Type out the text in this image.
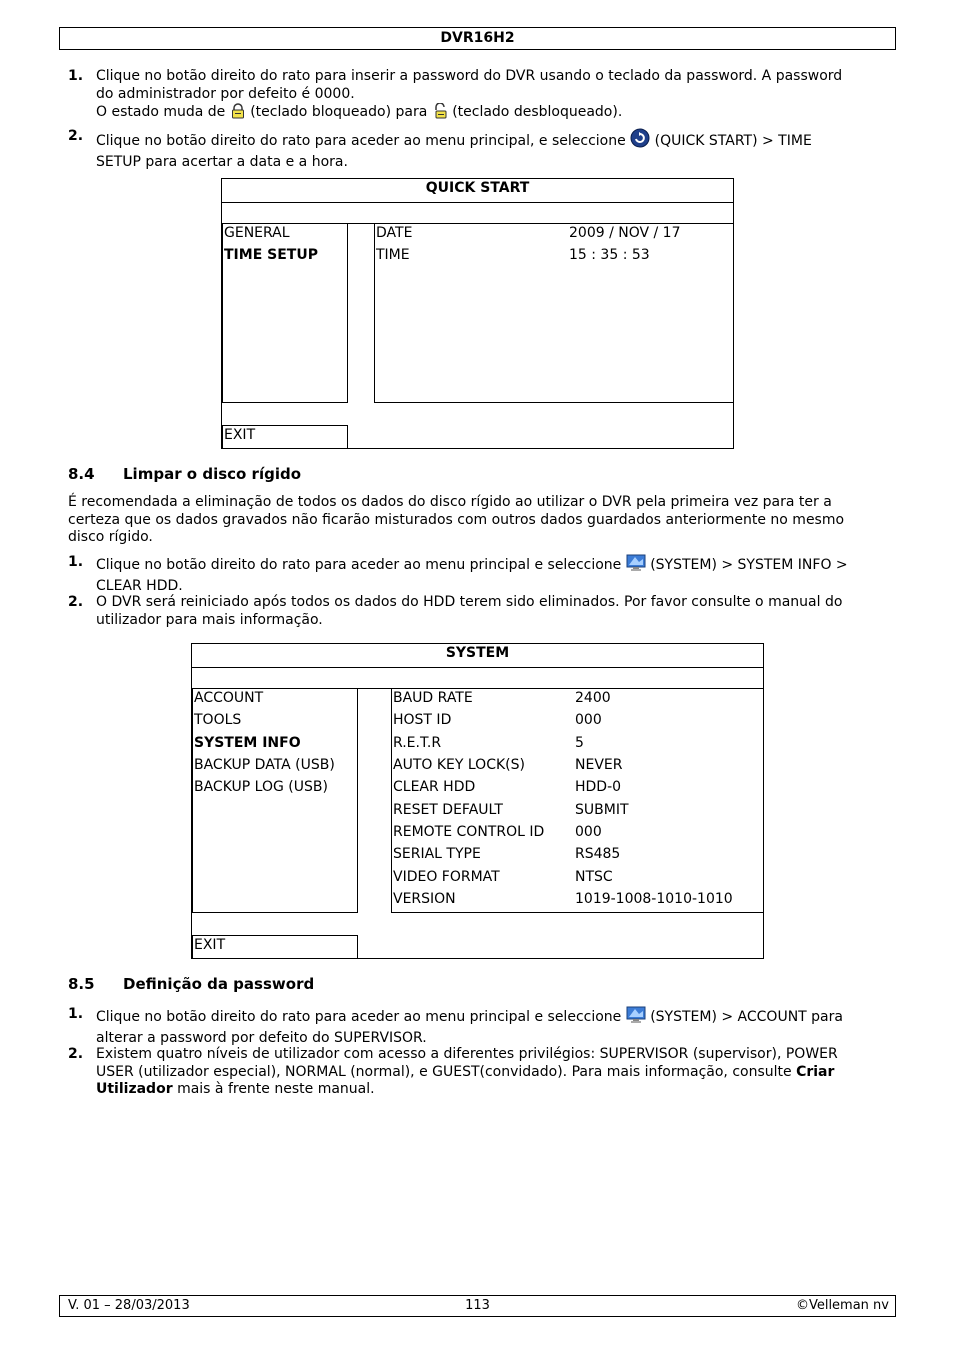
DVR16H2
1. Clique no botão direito do rato para inserir a password do DVR usando o teclado da password. A password
do administrador por defeito é 0000.
O estado muda de (teclado bloqueado) para (teclado desbloqueado).
2. Clique no botão direito do rato para aceder ao menu principal, e seleccione (QUICK START) > TIME
SETUP para acertar a data e a hora.
QUICK START
GENERAL
TIME SETUP
DATE	2009 / NOV / 17
TIME	15 : 35 : 53
EXIT
8.4 Limpar o disco rígido
É recomendada a eliminação de todos os dados do disco rígido ao utilizar o DVR pela primeira vez para ter a
certeza que os dados gravados não ficarão misturados com outros dados guardados anteriormente no mesmo
disco rígido.
1. Clique no botão direito do rato para aceder ao menu principal e seleccione (SYSTEM) > SYSTEM INFO >
CLEAR HDD.
2. O DVR será reiniciado após todos os dados do HDD terem sido eliminados. Por favor consulte o manual do
utilizador para mais informação.
SYSTEM
ACCOUNT
TOOLS
SYSTEM INFO
BACKUP DATA (USB)
BACKUP LOG (USB)
BAUD RATE	2400
HOST ID	000
R.E.T.R	5
AUTO KEY LOCK(S)	NEVER
CLEAR HDD	HDD-0
RESET DEFAULT	SUBMIT
REMOTE CONTROL ID 000
SERIAL TYPE	RS485
VIDEO FORMAT	NTSC
VERSION	1019-1008-1010-1010
EXIT
8.5 Definição da password
1. Clique no botão direito do rato para aceder ao menu principal e seleccione (SYSTEM) > ACCOUNT para
alterar a password por defeito do SUPERVISOR.
2. Existem quatro níveis de utilizador com acesso a diferentes privilégios: SUPERVISOR (supervisor), POWER
USER (utilizador especial), NORMAL (normal), e GUEST(convidado). Para mais informação, consulte Criar
Utilizador mais à frente neste manual.
V. 01 – 28/03/2013	113	©Velleman nv
